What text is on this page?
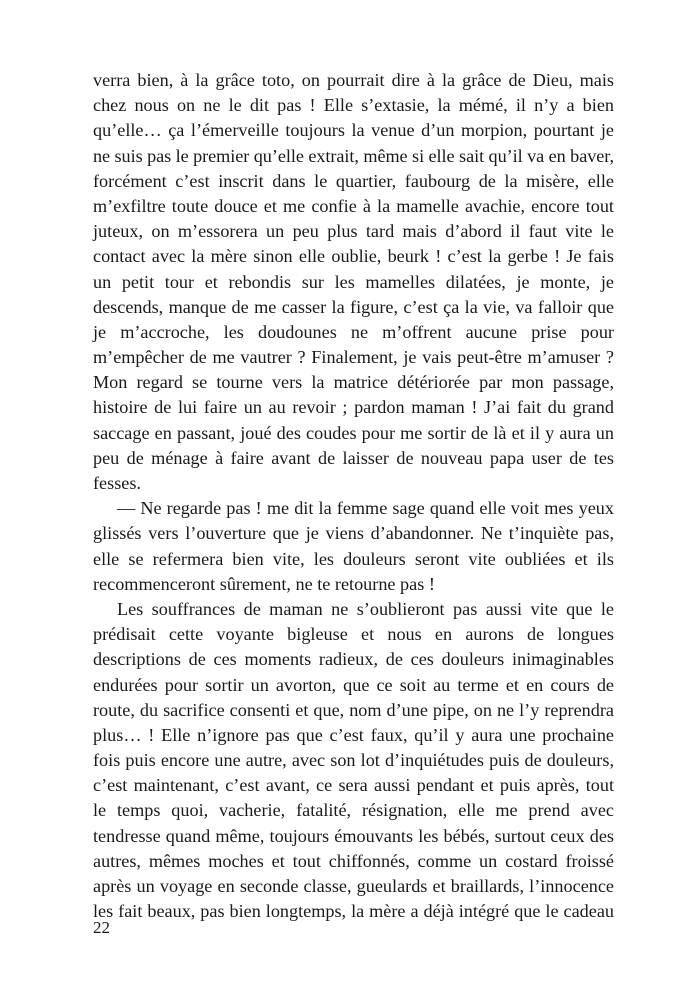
verra bien, à la grâce toto, on pourrait dire à la grâce de Dieu, mais
chez nous on ne le dit pas ! Elle s’extasie, la mémé, il n’y a bien
qu’elle… ça l’émerveille toujours la venue d’un morpion, pourtant je
ne suis pas le premier qu’elle extrait, même si elle sait qu’il va en baver,
forcément c’est inscrit dans le quartier, faubourg de la misère, elle
m’exfiltre toute douce et me confie à la mamelle avachie, encore tout
juteux, on m’essorera un peu plus tard mais d’abord il faut vite le
contact avec la mère sinon elle oublie, beurk ! c’est la gerbe ! Je fais
un petit tour et rebondis sur les mamelles dilatées, je monte, je
descends, manque de me casser la figure, c’est ça la vie, va falloir que
je m’accroche, les doudounes ne m’offrent aucune prise pour
m’empêcher de me vautrer ? Finalement, je vais peut-être m’amuser ?
Mon regard se tourne vers la matrice détériorée par mon passage,
histoire de lui faire un au revoir ; pardon maman ! J’ai fait du grand
saccage en passant, joué des coudes pour me sortir de là et il y aura un
peu de ménage à faire avant de laisser de nouveau papa user de tes
fesses.
— Ne regarde pas ! me dit la femme sage quand elle voit mes yeux
glissés vers l’ouverture que je viens d’abandonner. Ne t’inquiète pas,
elle se refermera bien vite, les douleurs seront vite oubliées et ils
recommenceront sûrement, ne te retourne pas !
Les souffrances de maman ne s’oublieront pas aussi vite que le
prédisait cette voyante bigleuse et nous en aurons de longues
descriptions de ces moments radieux, de ces douleurs inimaginables
endurées pour sortir un avorton, que ce soit au terme et en cours de
route, du sacrifice consenti et que, nom d’une pipe, on ne l’y reprendra
plus… ! Elle n’ignore pas que c’est faux, qu’il y aura une prochaine
fois puis encore une autre, avec son lot d’inquiétudes puis de douleurs,
c’est maintenant, c’est avant, ce sera aussi pendant et puis après, tout
le temps quoi, vacherie, fatalité, résignation, elle me prend avec
tendresse quand même, toujours émouvants les bébés, surtout ceux des
autres, mêmes moches et tout chiffonnés, comme un costard froissé
après un voyage en seconde classe, gueulards et braillards, l’innocence
les fait beaux, pas bien longtemps, la mère a déjà intégré que le cadeau
22
